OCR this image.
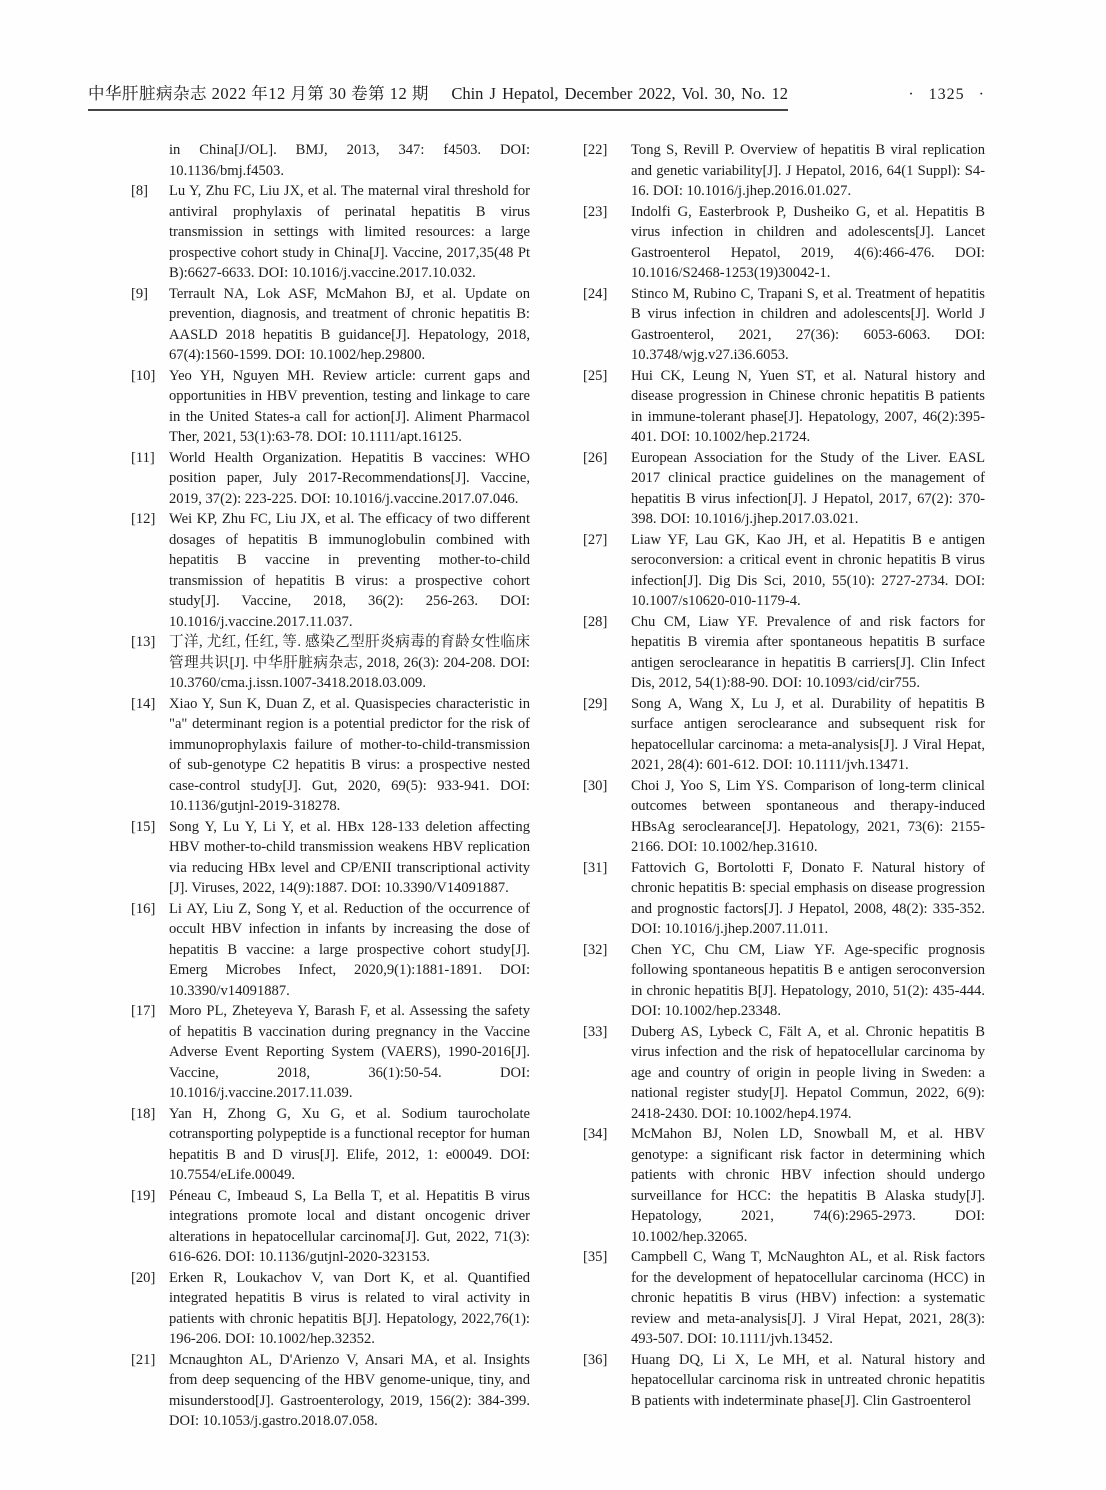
中华肝脏病杂志 2022 年12 月第 30 卷第 12 期 Chin J Hepatol, December 2022, Vol. 30, No. 12	· 1325 ·
in China[J/OL]. BMJ, 2013, 347: f4503. DOI: 10.1136/bmj.f4503.
[8]	Lu Y, Zhu FC, Liu JX, et al. The maternal viral threshold for antiviral prophylaxis of perinatal hepatitis B virus transmission in settings with limited resources: a large prospective cohort study in China[J]. Vaccine, 2017,35(48 Pt B):6627-6633. DOI: 10.1016/j.vaccine.2017.10.032.
[9]	Terrault NA, Lok ASF, McMahon BJ, et al. Update on prevention, diagnosis, and treatment of chronic hepatitis B: AASLD 2018 hepatitis B guidance[J]. Hepatology, 2018, 67(4):1560-1599. DOI: 10.1002/hep.29800.
[10] Yeo YH, Nguyen MH. Review article: current gaps and opportunities in HBV prevention, testing and linkage to care in the United States-a call for action[J]. Aliment Pharmacol Ther, 2021, 53(1):63-78. DOI: 10.1111/apt.16125.
[11] World Health Organization. Hepatitis B vaccines: WHO position paper, July 2017-Recommendations[J]. Vaccine, 2019, 37(2): 223-225. DOI: 10.1016/j.vaccine.2017.07.046.
[12] Wei KP, Zhu FC, Liu JX, et al. The efficacy of two different dosages of hepatitis B immunoglobulin combined with hepatitis B vaccine in preventing mother-to-child transmission of hepatitis B virus: a prospective cohort study[J]. Vaccine, 2018, 36(2): 256-263. DOI: 10.1016/j.vaccine.2017.11.037.
[13] 丁洋, 尤红, 任红, 等. 感染乙型肝炎病毒的育龄女性临床管理共识[J]. 中华肝脏病杂志, 2018, 26(3): 204-208. DOI: 10.3760/cma.j.issn.1007-3418.2018.03.009.
[14] Xiao Y, Sun K, Duan Z, et al. Quasispecies characteristic in "a" determinant region is a potential predictor for the risk of immunoprophylaxis failure of mother-to-child-transmission of sub-genotype C2 hepatitis B virus: a prospective nested case-control study[J]. Gut, 2020, 69(5): 933-941. DOI: 10.1136/gutjnl-2019-318278.
[15] Song Y, Lu Y, Li Y, et al. HBx 128-133 deletion affecting HBV mother-to-child transmission weakens HBV replication via reducing HBx level and CP/ENII transcriptional activity [J]. Viruses, 2022, 14(9):1887. DOI: 10.3390/V14091887.
[16] Li AY, Liu Z, Song Y, et al. Reduction of the occurrence of occult HBV infection in infants by increasing the dose of hepatitis B vaccine: a large prospective cohort study[J]. Emerg Microbes Infect, 2020,9(1):1881-1891. DOI: 10.3390/v14091887.
[17] Moro PL, Zheteyeva Y, Barash F, et al. Assessing the safety of hepatitis B vaccination during pregnancy in the Vaccine Adverse Event Reporting System (VAERS), 1990-2016[J]. Vaccine, 2018, 36(1):50-54. DOI: 10.1016/j.vaccine.2017.11.039.
[18] Yan H, Zhong G, Xu G, et al. Sodium taurocholate cotransporting polypeptide is a functional receptor for human hepatitis B and D virus[J]. Elife, 2012, 1: e00049. DOI: 10.7554/eLife.00049.
[19] Péneau C, Imbeaud S, La Bella T, et al. Hepatitis B virus integrations promote local and distant oncogenic driver alterations in hepatocellular carcinoma[J]. Gut, 2022, 71(3): 616-626. DOI: 10.1136/gutjnl-2020-323153.
[20] Erken R, Loukachov V, van Dort K, et al. Quantified integrated hepatitis B virus is related to viral activity in patients with chronic hepatitis B[J]. Hepatology, 2022,76(1): 196-206. DOI: 10.1002/hep.32352.
[21] Mcnaughton AL, D'Arienzo V, Ansari MA, et al. Insights from deep sequencing of the HBV genome-unique, tiny, and misunderstood[J]. Gastroenterology, 2019, 156(2): 384-399. DOI: 10.1053/j.gastro.2018.07.058.
[22]	Tong S, Revill P. Overview of hepatitis B viral replication and genetic variability[J]. J Hepatol, 2016, 64(1 Suppl): S4-16. DOI: 10.1016/j.jhep.2016.01.027.
[23]	Indolfi G, Easterbrook P, Dusheiko G, et al. Hepatitis B virus infection in children and adolescents[J]. Lancet Gastroenterol Hepatol, 2019, 4(6):466-476. DOI: 10.1016/S2468-1253(19)30042-1.
[24]	Stinco M, Rubino C, Trapani S, et al. Treatment of hepatitis B virus infection in children and adolescents[J]. World J Gastroenterol, 2021, 27(36): 6053-6063. DOI: 10.3748/wjg.v27.i36.6053.
[25]	Hui CK, Leung N, Yuen ST, et al. Natural history and disease progression in Chinese chronic hepatitis B patients in immune-tolerant phase[J]. Hepatology, 2007, 46(2):395-401. DOI: 10.1002/hep.21724.
[26]	European Association for the Study of the Liver. EASL 2017 clinical practice guidelines on the management of hepatitis B virus infection[J]. J Hepatol, 2017, 67(2): 370-398. DOI: 10.1016/j.jhep.2017.03.021.
[27]	Liaw YF, Lau GK, Kao JH, et al. Hepatitis B e antigen seroconversion: a critical event in chronic hepatitis B virus infection[J]. Dig Dis Sci, 2010, 55(10): 2727-2734. DOI: 10.1007/s10620-010-1179-4.
[28]	Chu CM, Liaw YF. Prevalence of and risk factors for hepatitis B viremia after spontaneous hepatitis B surface antigen seroclearance in hepatitis B carriers[J]. Clin Infect Dis, 2012, 54(1):88-90. DOI: 10.1093/cid/cir755.
[29]	Song A, Wang X, Lu J, et al. Durability of hepatitis B surface antigen seroclearance and subsequent risk for hepatocellular carcinoma: a meta-analysis[J]. J Viral Hepat, 2021, 28(4): 601-612. DOI: 10.1111/jvh.13471.
[30]	Choi J, Yoo S, Lim YS. Comparison of long-term clinical outcomes between spontaneous and therapy-induced HBsAg seroclearance[J]. Hepatology, 2021, 73(6): 2155-2166. DOI: 10.1002/hep.31610.
[31]	Fattovich G, Bortolotti F, Donato F. Natural history of chronic hepatitis B: special emphasis on disease progression and prognostic factors[J]. J Hepatol, 2008, 48(2): 335-352. DOI: 10.1016/j.jhep.2007.11.011.
[32]	Chen YC, Chu CM, Liaw YF. Age-specific prognosis following spontaneous hepatitis B e antigen seroconversion in chronic hepatitis B[J]. Hepatology, 2010, 51(2): 435-444. DOI: 10.1002/hep.23348.
[33]	Duberg AS, Lybeck C, Fält A, et al. Chronic hepatitis B virus infection and the risk of hepatocellular carcinoma by age and country of origin in people living in Sweden: a national register study[J]. Hepatol Commun, 2022, 6(9): 2418-2430. DOI: 10.1002/hep4.1974.
[34]	McMahon BJ, Nolen LD, Snowball M, et al. HBV genotype: a significant risk factor in determining which patients with chronic HBV infection should undergo surveillance for HCC: the hepatitis B Alaska study[J]. Hepatology, 2021, 74(6):2965-2973. DOI: 10.1002/hep.32065.
[35]	Campbell C, Wang T, McNaughton AL, et al. Risk factors for the development of hepatocellular carcinoma (HCC) in chronic hepatitis B virus (HBV) infection: a systematic review and meta-analysis[J]. J Viral Hepat, 2021, 28(3): 493-507. DOI: 10.1111/jvh.13452.
[36]	Huang DQ, Li X, Le MH, et al. Natural history and hepatocellular carcinoma risk in untreated chronic hepatitis B patients with indeterminate phase[J]. Clin Gastroenterol
